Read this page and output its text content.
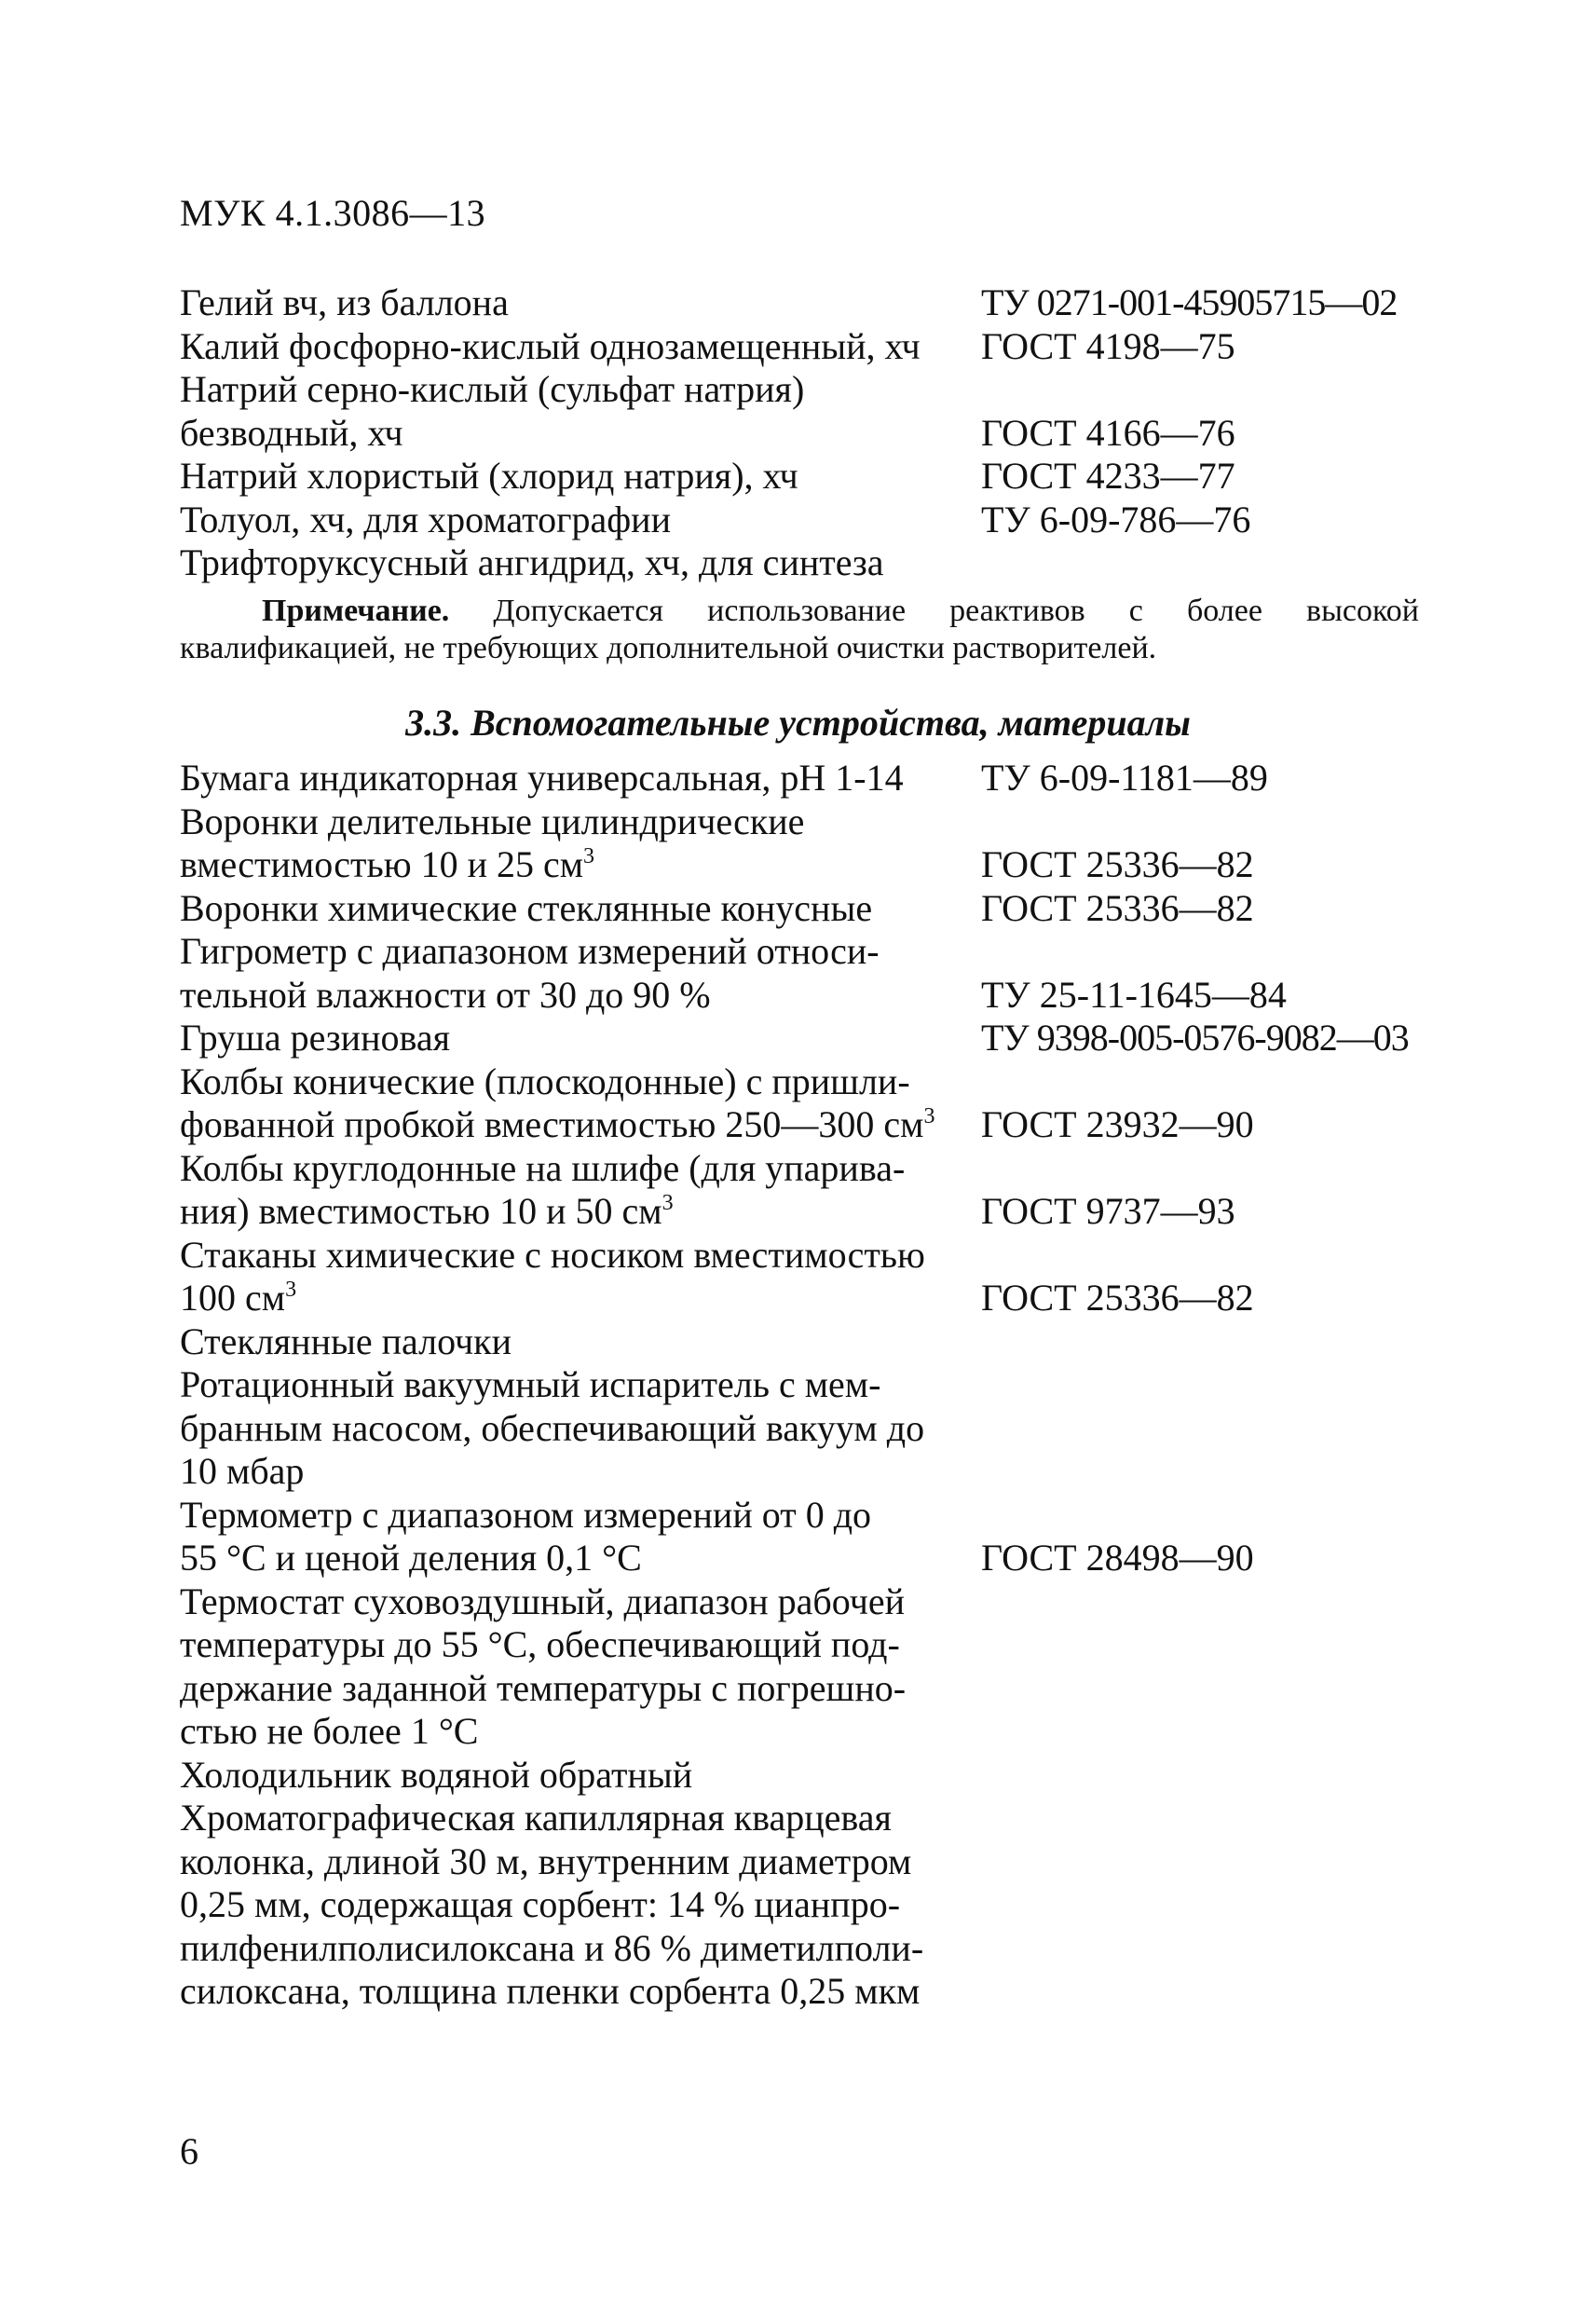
МУК 4.1.3086—13
Гелий вч, из баллона	ТУ 0271-001-45905715—02
Калий фосфорно-кислый однозамещенный, хч	ГОСТ 4198—75
Натрий серно-кислый (сульфат натрия)
безводный, хч	ГОСТ 4166—76
Натрий хлористый (хлорид натрия), хч	ГОСТ 4233—77
Толуол, хч, для хроматографии	ТУ 6-09-786—76
Трифторуксусный ангидрид, хч, для синтеза

Примечание. Допускается использование реактивов с более высокой квалификацией, не требующих дополнительной очистки растворителей.

3.3. Вспомогательные устройства, материалы
Бумага индикаторная универсальная, рН 1-14	ТУ 6-09-1181—89
Воронки делительные цилиндрические
вместимостью 10 и 25 $см^3$	ГОСТ 25336—82
Воронки химические стеклянные конусные	ГОСТ 25336—82
Гигрометр с диапазоном измерений относи-
тельной влажности от 30 до 90 %	ТУ 25-11-1645—84
Груша резиновая	ТУ 9398-005-0576-9082—03
Колбы конические (плоскодонные) с пришли-
фованной пробкой вместимостью 250—300 $см^3$	ГОСТ 23932—90
Колбы круглодонные на шлифе (для упарива-
ния) вместимостью 10 и 50 $см^3$	ГОСТ 9737—93
Стаканы химические с носиком вместимостью
100 $см^3$	ГОСТ 25336—82
Стеклянные палочки
Ротационный вакуумный испаритель с мем-
бранным насосом, обеспечивающий вакуум до
10 мбар
Термометр с диапазоном измерений от 0 до
55 °С и ценой деления 0,1 °С	ГОСТ 28498—90
Термостат суховоздушный, диапазон рабочей
температуры до 55 °С, обеспечивающий под-
держание заданной температуры с погрешно-
стью не более 1 °С
Холодильник водяной обратный
Хроматографическая капиллярная кварцевая
колонка, длиной 30 м, внутренним диаметром
0,25 мм, содержащая сорбент: 14 % цианпро-
пилфенилполисилоксана и 86 % диметилполи-
силоксана, толщина пленки сорбента 0,25 мкм
6
